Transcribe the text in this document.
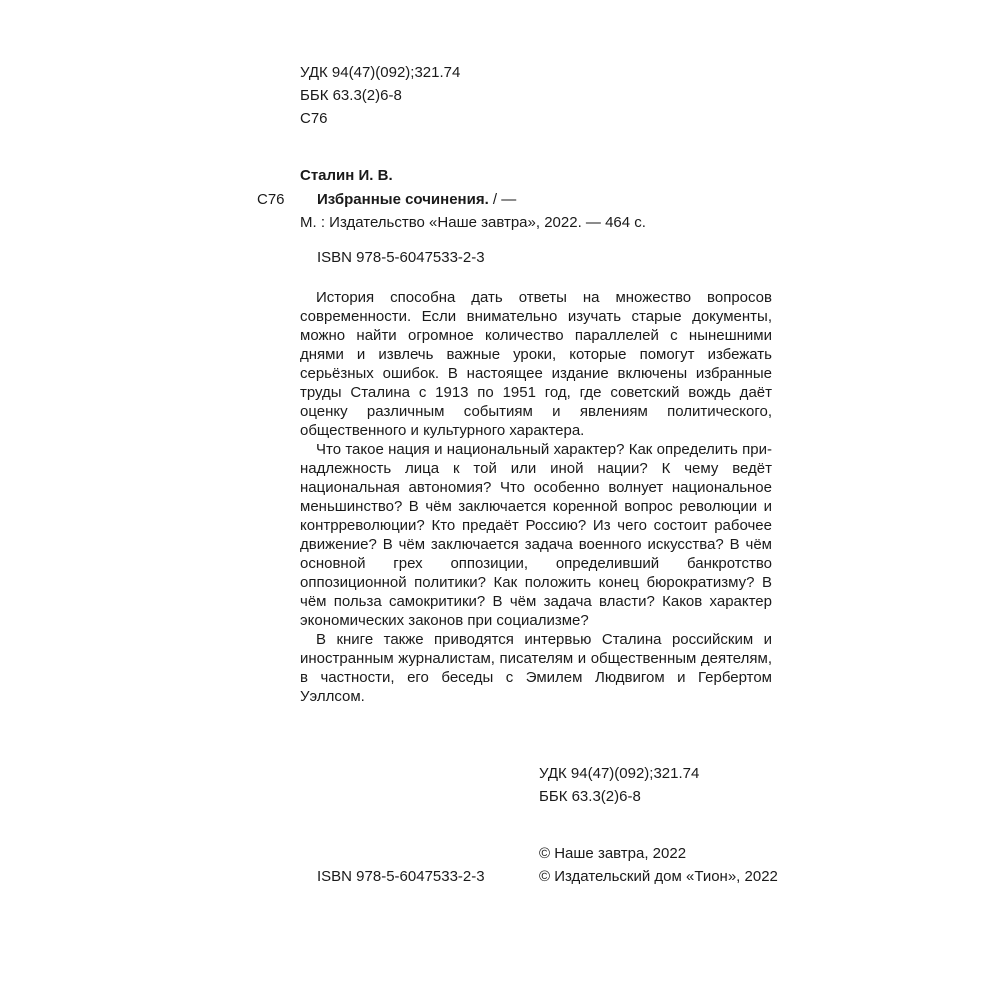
УДК 94(47)(092);321.74
ББК 63.3(2)6-8
С76
Сталин И. В.
С76 Избранные сочинения. / —
М. : Издательство «Наше завтра», 2022. — 464 с.
ISBN 978-5-6047533-2-3

История способна дать ответы на множество вопросов современности. Если внимательно изучать старые документы, можно найти огромное количество параллелей с нынешними днями и извлечь важные уроки, которые помогут избежать серьёзных ошибок. В настоящее издание включены избранные труды Сталина с 1913 по 1951 год, где советский вождь даёт оценку различным событиям и явлениям политического, общественного и культурного характера.

Что такое нация и национальный характер? Как определить принадлежность лица к той или иной нации? К чему ведёт национальная автономия? Что особенно волнует национальное меньшинство? В чём заключается коренной вопрос революции и контрреволюции? Кто предаёт Россию? Из чего состоит рабочее движение? В чём заключается задача военного искусства? В чём основной грех оппозиции, определивший банкротство оппозиционной политики? Как положить конец бюрократизму? В чём польза самокритики? В чём задача власти? Каков характер экономических законов при социализме?

В книге также приводятся интервью Сталина российским и иностранным журналистам, писателям и общественным деятелям, в частности, его беседы с Эмилем Людвигом и Гербертом Уэллсом.

УДК 94(47)(092);321.74
ББК 63.3(2)6-8
© Наше завтра, 2022
ISBN 978-5-6047533-2-3	© Издательский дом «Тион», 2022
